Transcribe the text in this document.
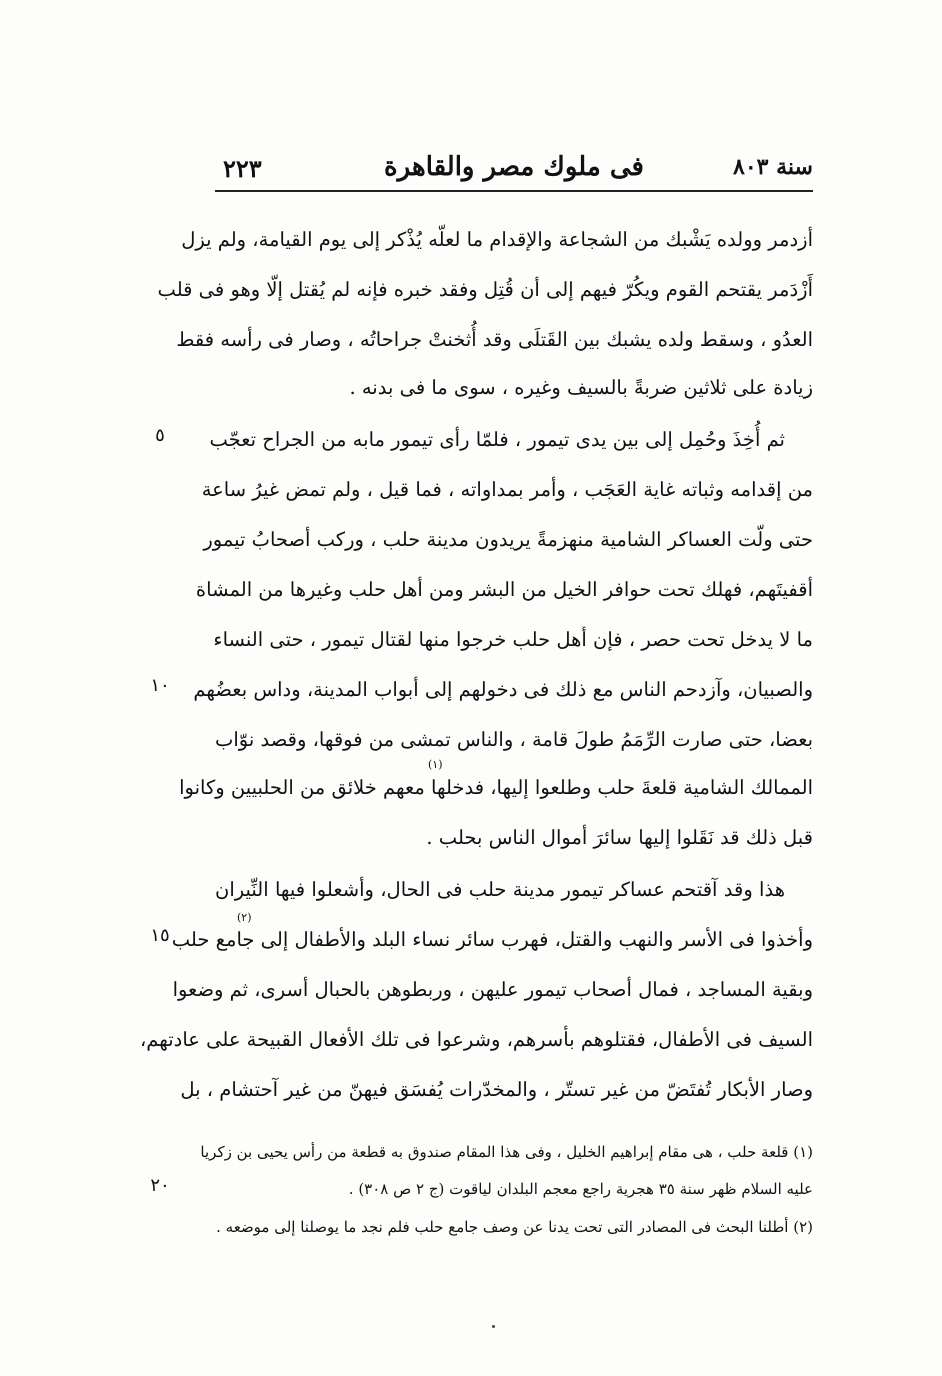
سنة ٨٠٣
فى ملوك مصر والقاهرة
٢٢٣
أزدمر وولده يَشْبك من الشجاعة والإقدام ما لعلّه يُذْكر إلى يوم القيامة، ولم يزل
أَزْدَمر يقتحم القوم ويكُرّ فيهم إلى أن قُتِل وفقد خبره فإنه لم يُقتل إلّا وهو فى قلب
العدُو ، وسقط ولده يشبك بين القَتلَى وقد أُثخنتْ جراحاتُه ، وصار فى رأسه فقط
زيادة على ثلاثين ضربةً بالسيف وغيره ، سوى ما فى بدنه .
ثم أُخِذَ وحُمِل إلى بين يدى تيمور ، فلمّا رأى تيمور مابه من الجراح تعجّب
من إقدامه وثباته غاية العَجَب ، وأمر بمداواته ، فما قيل ، ولم تمض غيرُ ساعة
حتى ولّت العساكر الشامية منهزمةً يريدون مدينة حلب ، وركب أصحابُ تيمور
أقفيتَهم، فهلك تحت حوافر الخيل من البشر ومن أهل حلب وغيرها من المشاة
ما لا يدخل تحت حصر ، فإن أهل حلب خرجوا منها لقتال تيمور ، حتى النساء
والصبيان، وآزدحم الناس مع ذلك فى دخولهم إلى أبواب المدينة، وداس بعضُهم
بعضا، حتى صارت الرِّمَمُ طولَ قامة ، والناس تمشى من فوقها، وقصد نوّاب
الممالك الشامية قلعةَ حلب وطلعوا إليها، فدخلها معهم خلائق من الحلبيين وكانوا
قبل ذلك قد نَقَلوا إليها سائرَ أموال الناس بحلب .
هذا وقد آقتحم عساكر تيمور مدينة حلب فى الحال، وأشعلوا فيها النِّيران
وأخذوا فى الأسر والنهب والقتل، فهرب سائر نساء البلد والأطفال إلى جامع حلب
وبقية المساجد ، فمال أصحاب تيمور عليهن ، وربطوهن بالحبال أسرى، ثم وضعوا
السيف فى الأطفال، فقتلوهم بأسرهم، وشرعوا فى تلك الأفعال القبيحة على عادتهم،
وصار الأبكار تُفتَضّ من غير تستّر ، والمخدّرات يُفسَق فيهنّ من غير آحتشام ، بل
٥
١٠
١٥
٢٠
(١)
(٢)
(١) قلعة حلب ، هى مقام إبراهيم الخليل ، وفى هذا المقام صندوق به قطعة من رأس يحيى بن زكريا
عليه السلام ظهر سنة ٣٥ هجرية راجع معجم البلدان لياقوت (ج ٢ ص ٣٠٨) .
(٢) أطلنا البحث فى المصادر التى تحت يدنا عن وصف جامع حلب فلم نجد ما يوصلنا إلى موضعه .
